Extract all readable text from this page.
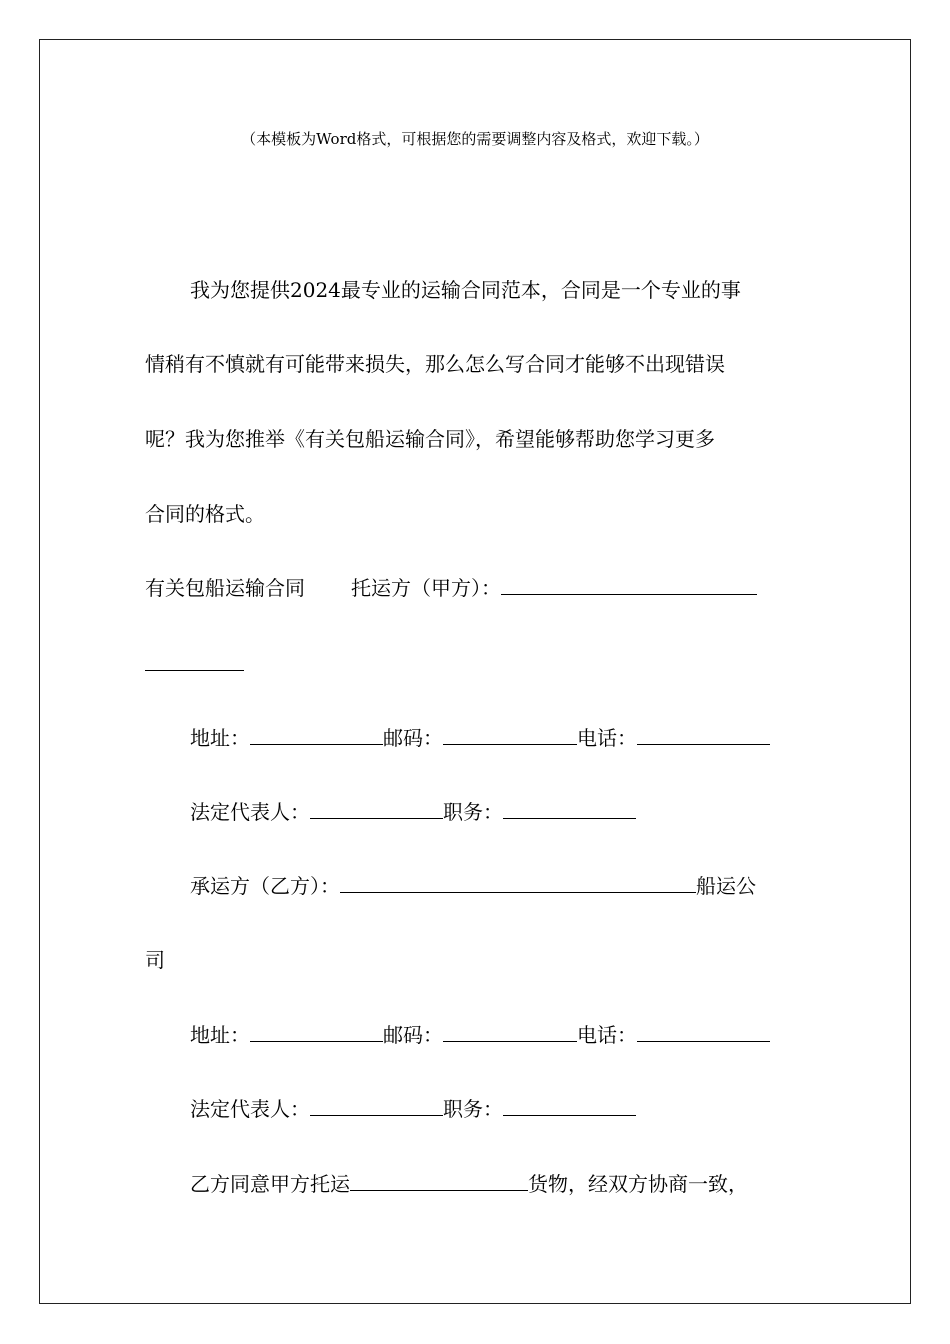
（本模板为Word格式，可根据您的需要调整内容及格式，欢迎下载。）
我为您提供2024最专业的运输合同范本，合同是一个专业的事
情稍有不慎就有可能带来损失，那么怎么写合同才能够不出现错误
呢？我为您推举《有关包船运输合同》，希望能够帮助您学习更多
合同的格式。
有关包船运输合同 托运方（甲方）：
地址：	邮码：	电话：
法定代表人：	职务：
承运方（乙方）：	船运公
司
地址：	邮码：	电话：
法定代表人：	职务：
乙方同意甲方托运	货物，经双方协商一致，
